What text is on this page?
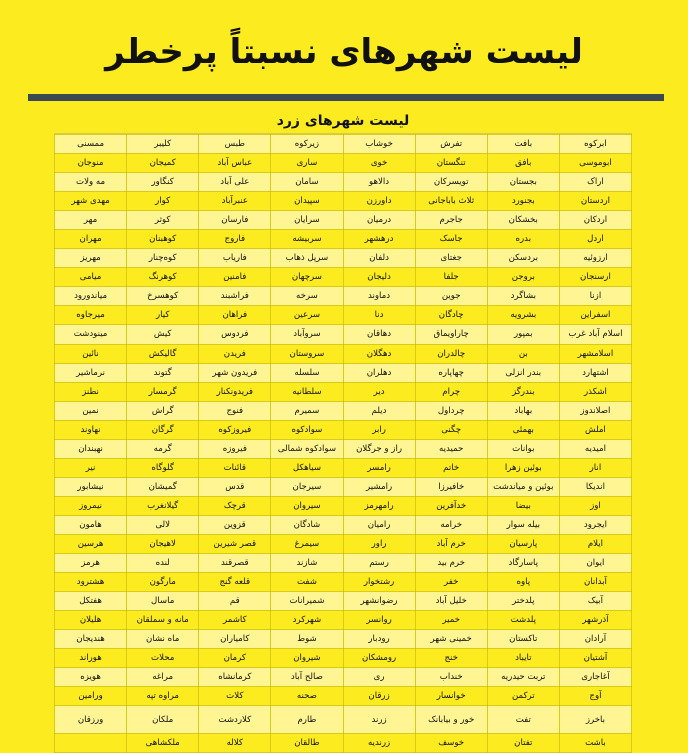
لیست شهرهای نسبتاً پرخطر
لیست شهرهای زرد
ابرکوه	بافت	تفرش	خوشاب	زیرکوه	طبس	کلیبر	ممسنی
ابوموسی	بافق	تنگستان	خوی	ساری	عباس آباد	کمیجان	منوجان
اراک	بجستان	تویسرکان	دالاهو	سامان	علی آباد	کنگاور	مه ولات
اردستان	بجنورد	ثلاث باباجانی	داورزن	سپیدان	عنبرآباد	کوار	مهدی شهر
اردکان	بخشکان	جاجرم	درمیان	سرایان	فارسان	کوثر	مهر
اردل	بدره	جاسک	درهشهر	سربیشه	فاروج	کوهبنان	مهران
ارزوئیه	بردسکن	جغتای	دلفان	سرپل ذهاب	فاریاب	کوه‌چنار	مهریز
ارسنجان	بروجن	جلفا	دلیجان	سرچهان	فامنین	کوهرنگ	میامی
ازنا	بشاگرد	جوین	دماوند	سرخه	فراشبند	کوهسرخ	میاندورود
اسفراین	بشرویه	چادگان	دنا	سرعین	فراهان	کیار	میرجاوه
اسلام آباد غرب	بمپور	چاراویماق	دهاقان	سروآباد	فردوس	کیش	مینودشت
اسلامشهر	بن	چالدران	دهگلان	سروستان	فریدن	گالیکش	نائین
اشتهارد	بندر انزلی	چهاپاره	دهلران	سلسله	فریدون شهر	گتوند	نرماشیر
اشکذر	بندرگز	چرام	دیر	سلطانیه	فریدونکنار	گرمسار	نطنز
اصلاندوز	بهاباد	چرداول	دیلم	سمیرم	فنوج	گراش	نمین
املش	بهمئی	چگنی	رابر	سوادکوه	فیروزکوه	گرگان	نهاوند
امیدیه	بوانات	حمیدیه	راز و جرگلان	سوادکوه شمالی	فیروزه	گرمه	نهبندان
انار	بوئین زهرا	خاتم	رامسر	سیاهکل	قائنات	گلوگاه	نیر
اندیکا	بوئین و میاندشت	خافیرزا	رامشیر	سیرجان	قدس	گمیشان	نیشابور
اوز	بیضا	خدآفرین	رامهرمز	سیروان	قرچک	گیلانغرب	نیمروز
ایجرود	بیله سوار	خرامه	رامیان	شادگان	قزوین	لالی	هامون
ایلام	پارسیان	خرم آباد	راور	سیمرغ	قصر شیرین	لاهیجان	هرسین
ایوان	پاسارگاد	خرم بید	رستم	شازند	قصرقند	لنده	هرمز
آبدانان	پاوه	خفر	رشتخوار	شفت	قلعه گنج	مارگون	هشترود
آبیک	پلدختر	خلیل آباد	رضوانشهر	شمیرانات	قم	ماسال	هفتکل
آذرشهر	پلدشت	خمیر	روانسر	شهرکرد	کاشمر	مانه و سملقان	هلیلان
آرادان	تاکستان	خمینی شهر	رودبار	شوط	کامیاران	ماه نشان	هندیجان
آشتیان	تایباد	خنج	رومشکان	شیروان	کرمان	محلات	هوراند
آغاجاری	تربت حیدریه	خنداب	ری	صالح آباد	کرمانشاه	مراغه	هویزه
آوج	ترکمن	خوانسار	زرقان	صحنه	کلات	مراوه تپه	ورامین
باخرز	تفت	خور و بیابانک	زرند	طارم	کلاردشت	ملکان	ورزقان
باشت	تفتان	خوسف	زرندیه	طالقان	کلاله	ملکشاهی	
